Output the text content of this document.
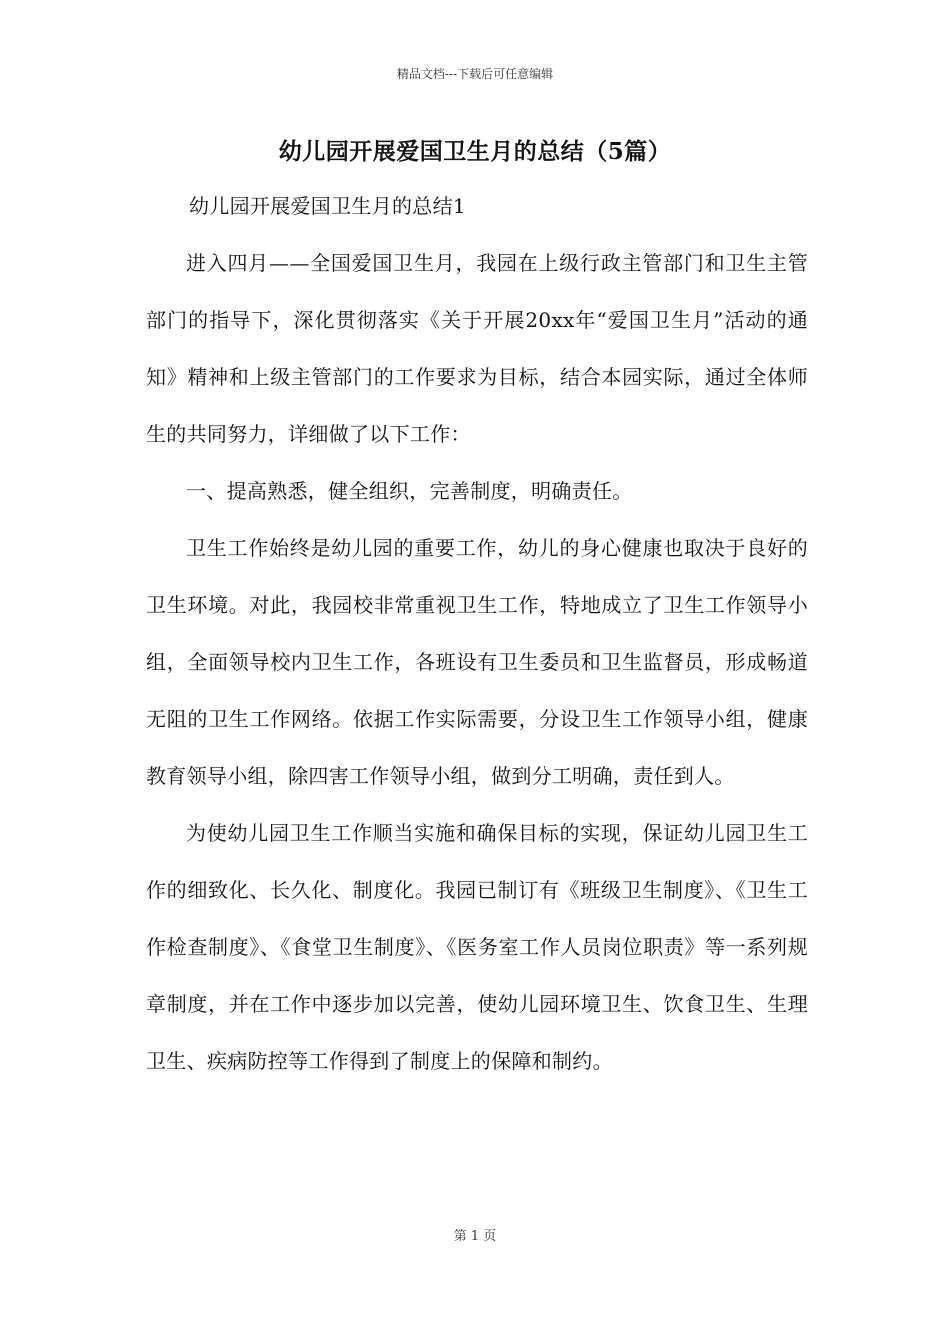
精品文档---下载后可任意编辑
幼儿园开展爱国卫生月的总结（5篇）

幼儿园开展爱国卫生月的总结1

进入四月——全国爱国卫生月，我园在上级行政主管部门和卫生主管部门的指导下，深化贯彻落实《关于开展20xx年“爱国卫生月”活动的通知》精神和上级主管部门的工作要求为目标，结合本园实际，通过全体师生的共同努力，详细做了以下工作：

一、提高熟悉，健全组织，完善制度，明确责任。

卫生工作始终是幼儿园的重要工作，幼儿的身心健康也取决于良好的卫生环境。对此，我园校非常重视卫生工作，特地成立了卫生工作领导小组，全面领导校内卫生工作，各班设有卫生委员和卫生监督员，形成畅道无阻的卫生工作网络。依据工作实际需要，分设卫生工作领导小组，健康教育领导小组，除四害工作领导小组，做到分工明确，责任到人。

为使幼儿园卫生工作顺当实施和确保目标的实现，保证幼儿园卫生工作的细致化、长久化、制度化。我园已制订有《班级卫生制度》、《卫生工作检查制度》、《食堂卫生制度》、《医务室工作人员岗位职责》等一系列规章制度，并在工作中逐步加以完善，使幼儿园环境卫生、饮食卫生、生理卫生、疾病防控等工作得到了制度上的保障和制约。

第 1 页
